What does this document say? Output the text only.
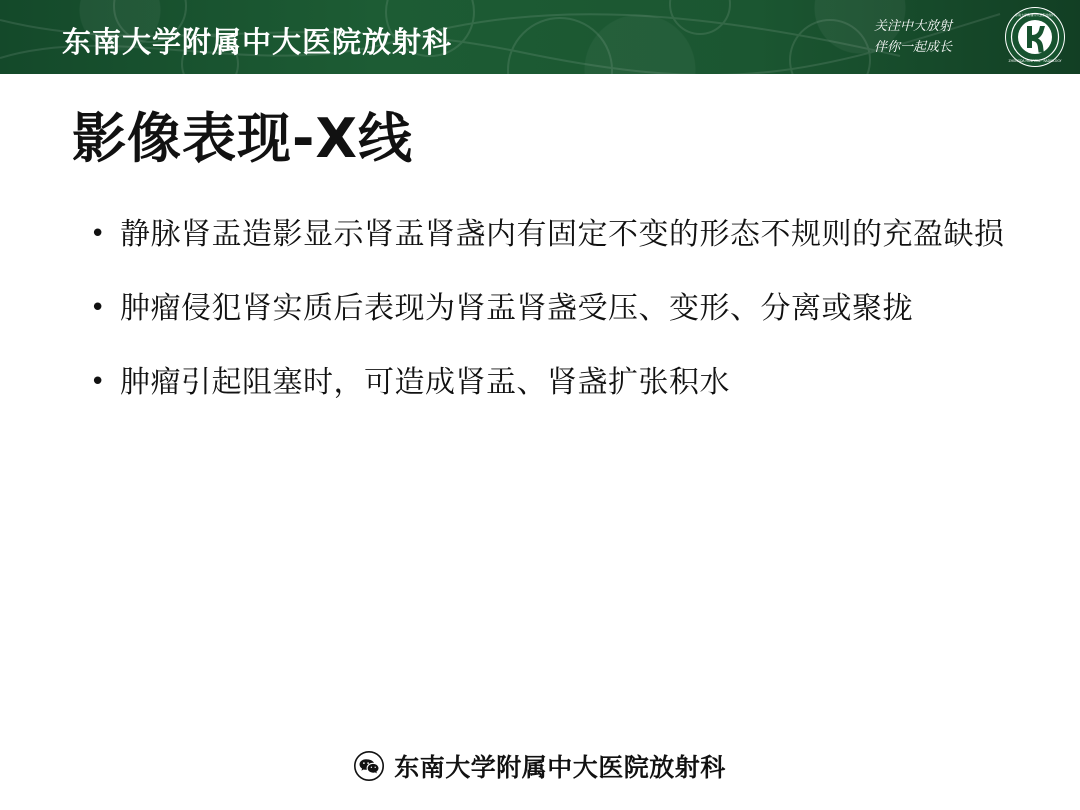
东南大学附属中大医院放射科	关注中大放射
伴你一起成长
东南大学附属中大医院放射科
ZHONGDA HOSPITAL · RADIOLOGY
影像表现-X线
• 静脉肾盂造影显示肾盂肾盏内有固定不变的形态不规则的充盈缺损
• 肿瘤侵犯肾实质后表现为肾盂肾盏受压、变形、分离或聚拢
• 肿瘤引起阻塞时，可造成肾盂、肾盏扩张积水
东南大学附属中大医院放射科
